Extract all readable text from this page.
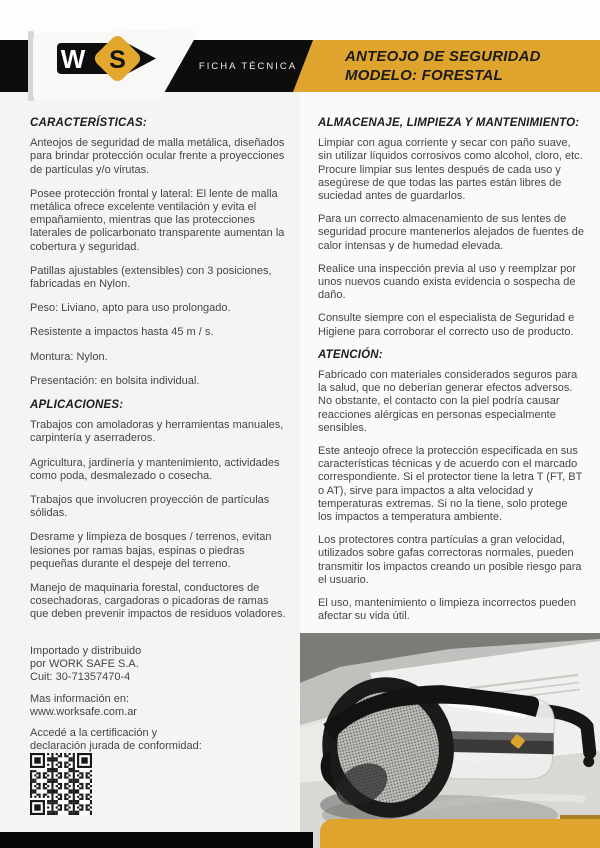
ANTEOJO DE SEGURIDAD
MODELO: FORESTAL
FICHA TÉCNICA
W S
CARACTERÍSTICAS:

Anteojos de seguridad de malla metálica, diseñados para brindar protección ocular frente a proyecciones de partículas y/o virutas.

Posee protección frontal y lateral: El lente de malla metálica ofrece excelente ventilación y evita el empañamiento, mientras que las protecciones laterales de policarbonato transparente aumentan la cobertura y seguridad.

Patillas ajustables (extensibles) con 3 posiciones, fabricadas en Nylon.

Peso: Liviano, apto para uso prolongado.

Resistente a impactos hasta 45 m / s.

Montura: Nylon.

Presentación: en bolsita individual.

APLICACIONES:

Trabajos con amoladoras y herramientas manuales, carpintería y aserraderos.

Agricultura, jardinería y mantenimiento, actividades como poda, desmalezado o cosecha.

Trabajos que involucren proyección de partículas sólidas.

Desrame y limpieza de bosques / terrenos, evitan lesiones por ramas bajas, espinas o piedras pequeñas durante el despeje del terreno.

Manejo de maquinaria forestal, conductores de cosechadoras, cargadoras o picadoras de ramas que deben prevenir impactos de residuos voladores.

ALMACENAJE, LIMPIEZA Y MANTENIMIENTO:

Limpiar con agua corriente y secar con paño suave, sin utilizar líquidos corrosivos como alcohol, cloro, etc. Procure limpiar sus lentes después de cada uso y asegúrese de que todas las partes están libres de suciedad antes de guardarlos.

Para un correcto almacenamiento de sus lentes de seguridad procure mantenerlos alejados de fuentes de calor intensas y de humedad elevada.

Realice una inspección previa al uso y reemplzar por unos nuevos cuando exista evidencia o sospecha de daño.

Consulte siempre con el especialista de Seguridad e Higiene para corroborar el correcto uso de producto.

ATENCIÓN:

Fabricado con materiales considerados seguros para la salud, que no deberían generar efectos adversos. No obstante, el contacto con la piel podría causar reacciones alérgicas en personas especialmente sensibles.

Este anteojo ofrece la protección especificada en sus características técnicas y de acuerdo con el marcado correspondiente. Si el protector tiene la letra T (FT, BT o AT), sirve para impactos a alta velocidad y temperaturas extremas. Si no la tiene, solo protege los impactos a temperatura ambiente.

Los protectores contra partículas a gran velocidad, utilizados sobre gafas correctoras normales, pueden transmitir los impactos creando un posible riesgo para el usuario.

El uso, mantenimiento o limpieza incorrectos pueden afectar su vida útil.

Importado y distribuido
por WORK SAFE S.A.
Cuit: 30-71357470-4
Mas información en:
www.worksafe.com.ar
Accedé a la certificación y declaración jurada de conformidad:
